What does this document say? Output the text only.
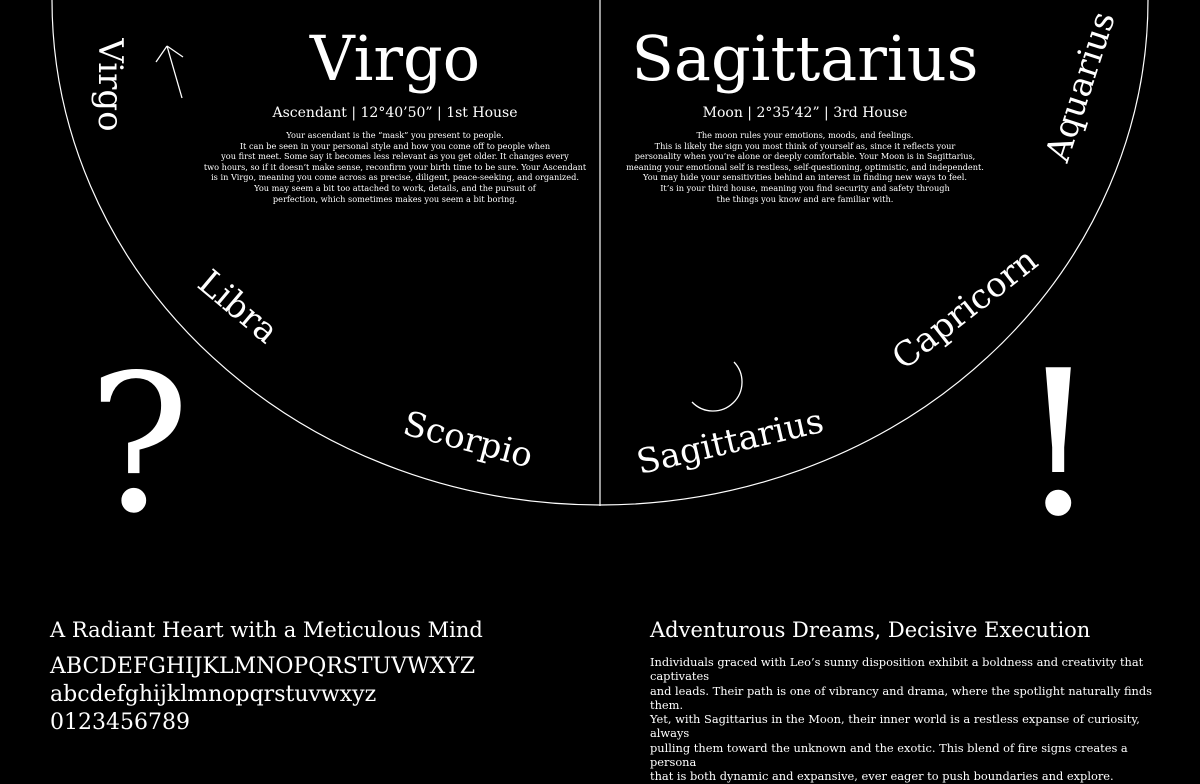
Virgo
Ascendant | 12°40’50” | 1st House
Your ascendant is the “mask” you present to people.
It can be seen in your personal style and how you come off to people when
you first meet. Some say it becomes less relevant as you get older. It changes every
two hours, so if it doesn’t make sense, reconfirm your birth time to be sure. Your Ascendant
is in Virgo, meaning you come across as precise, diligent, peace-seeking, and organized.
You may seem a bit too attached to work, details, and the pursuit of
perfection, which sometimes makes you seem a bit boring.
Sagittarius
Moon | 2°35’42” | 3rd House
The moon rules your emotions, moods, and feelings.
This is likely the sign you most think of yourself as, since it reflects your
personality when you’re alone or deeply comfortable. Your Moon is in Sagittarius,
meaning your emotional self is restless, self-questioning, optimistic, and independent.
You may hide your sensitivities behind an interest in finding new ways to feel.
It’s in your third house, meaning you find security and safety through
the things you know and are familiar with.
Virgo
Libra
Scorpio	Sagittarius
Capricorn
Aquarius
?	!
A Radiant Heart with a Meticulous Mind
ABCDEFGHIJKLMNOPQRSTUVWXYZ
abcdefghijklmnopqrstuvwxyz
0123456789
Adventurous Dreams, Decisive Execution
Individuals graced with Leo’s sunny disposition exhibit a boldness and creativity that captivates
and leads. Their path is one of vibrancy and drama, where the spotlight naturally finds them.
Yet, with Sagittarius in the Moon, their inner world is a restless expanse of curiosity, always
pulling them toward the unknown and the exotic. This blend of fire signs creates a persona
that is both dynamic and expansive, ever eager to push boundaries and explore.
